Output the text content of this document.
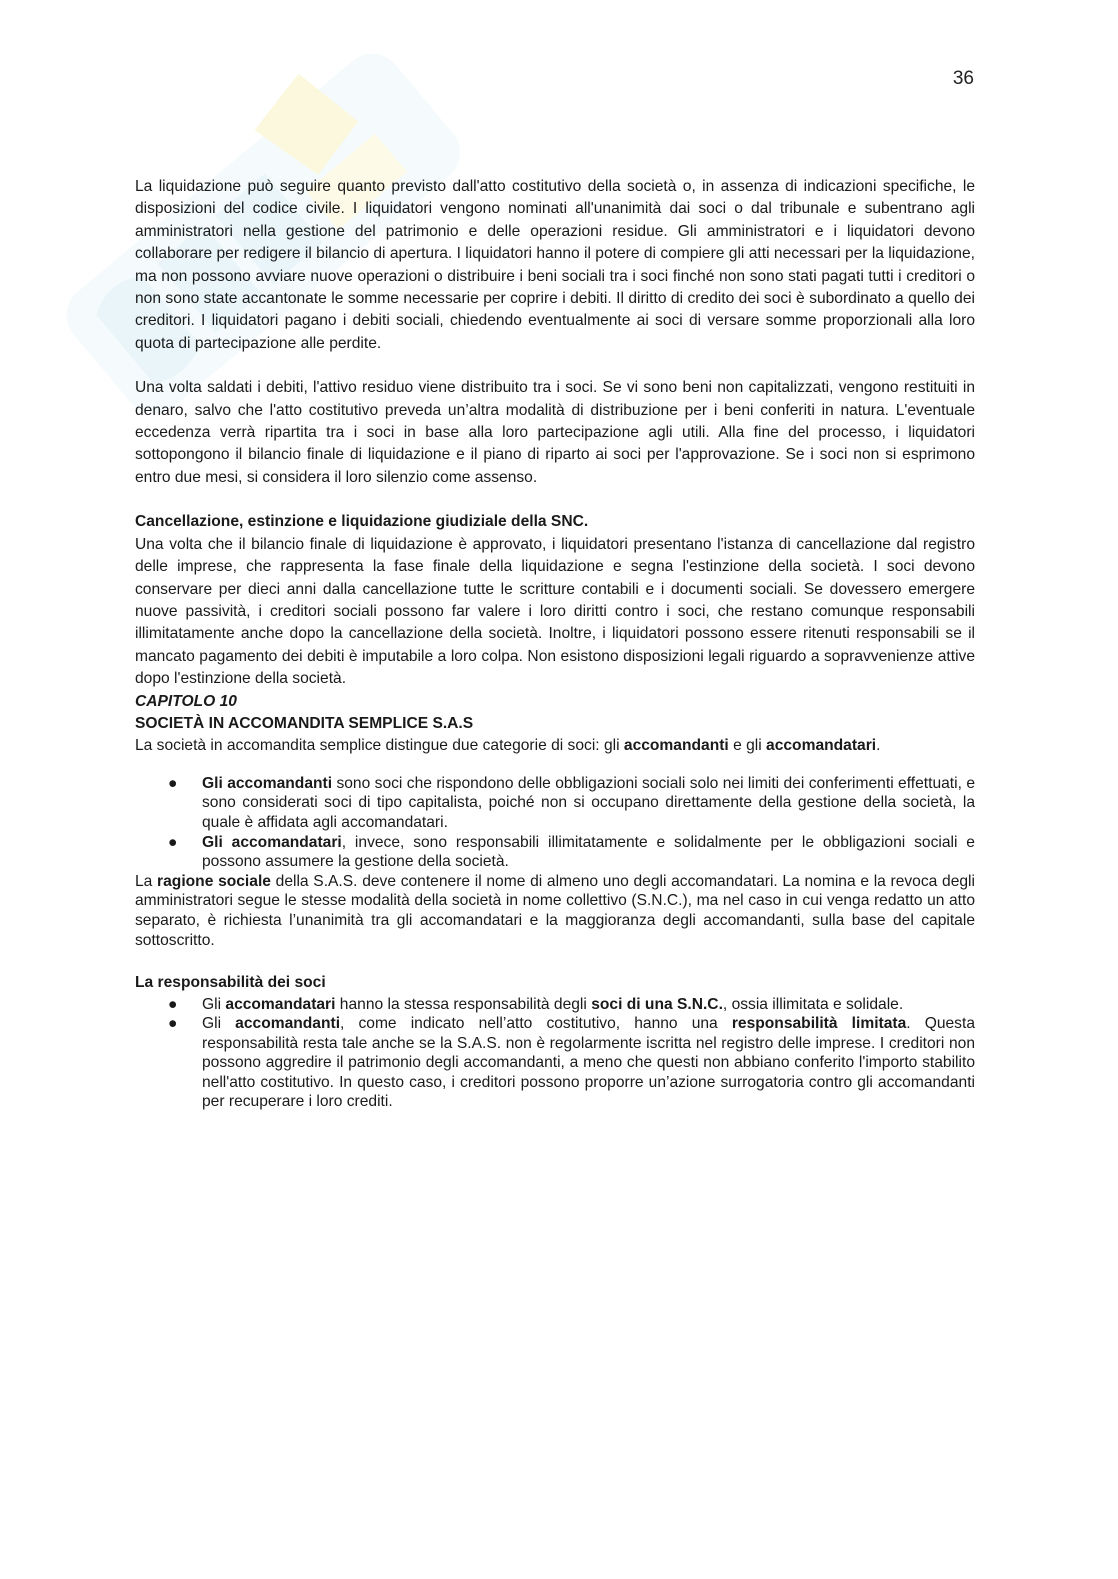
36

La liquidazione può seguire quanto previsto dall'atto costitutivo della società o, in assenza di indicazioni specifiche, le disposizioni del codice civile. I liquidatori vengono nominati all'unanimità dai soci o dal tribunale e subentrano agli amministratori nella gestione del patrimonio e delle operazioni residue. Gli amministratori e i liquidatori devono collaborare per redigere il bilancio di apertura. I liquidatori hanno il potere di compiere gli atti necessari per la liquidazione, ma non possono avviare nuove operazioni o distribuire i beni sociali tra i soci finché non sono stati pagati tutti i creditori o non sono state accantonate le somme necessarie per coprire i debiti. Il diritto di credito dei soci è subordinato a quello dei creditori. I liquidatori pagano i debiti sociali, chiedendo eventualmente ai soci di versare somme proporzionali alla loro quota di partecipazione alle perdite.

Una volta saldati i debiti, l'attivo residuo viene distribuito tra i soci. Se vi sono beni non capitalizzati, vengono restituiti in denaro, salvo che l'atto costitutivo preveda un’altra modalità di distribuzione per i beni conferiti in natura. L'eventuale eccedenza verrà ripartita tra i soci in base alla loro partecipazione agli utili. Alla fine del processo, i liquidatori sottopongono il bilancio finale di liquidazione e il piano di riparto ai soci per l'approvazione. Se i soci non si esprimono entro due mesi, si considera il loro silenzio come assenso.

Cancellazione, estinzione e liquidazione giudiziale della SNC.

Una volta che il bilancio finale di liquidazione è approvato, i liquidatori presentano l'istanza di cancellazione dal registro delle imprese, che rappresenta la fase finale della liquidazione e segna l'estinzione della società. I soci devono conservare per dieci anni dalla cancellazione tutte le scritture contabili e i documenti sociali. Se dovessero emergere nuove passività, i creditori sociali possono far valere i loro diritti contro i soci, che restano comunque responsabili illimitatamente anche dopo la cancellazione della società. Inoltre, i liquidatori possono essere ritenuti responsabili se il mancato pagamento dei debiti è imputabile a loro colpa. Non esistono disposizioni legali riguardo a sopravvenienze attive dopo l'estinzione della società.

CAPITOLO 10

SOCIETÀ IN ACCOMANDITA SEMPLICE S.A.S

La società in accomandita semplice distingue due categorie di soci: gli accomandanti e gli accomandatari.

● Gli accomandanti sono soci che rispondono delle obbligazioni sociali solo nei limiti dei conferimenti effettuati, e sono considerati soci di tipo capitalista, poiché non si occupano direttamente della gestione della società, la quale è affidata agli accomandatari.
● Gli accomandatari, invece, sono responsabili illimitatamente e solidalmente per le obbligazioni sociali e possono assumere la gestione della società.

La ragione sociale della S.A.S. deve contenere il nome di almeno uno degli accomandatari. La nomina e la revoca degli amministratori segue le stesse modalità della società in nome collettivo (S.N.C.), ma nel caso in cui venga redatto un atto separato, è richiesta l’unanimità tra gli accomandatari e la maggioranza degli accomandanti, sulla base del capitale sottoscritto.

La responsabilità dei soci

● Gli accomandatari hanno la stessa responsabilità degli soci di una S.N.C., ossia illimitata e solidale.
● Gli accomandanti, come indicato nell’atto costitutivo, hanno una responsabilità limitata. Questa responsabilità resta tale anche se la S.A.S. non è regolarmente iscritta nel registro delle imprese. I creditori non possono aggredire il patrimonio degli accomandanti, a meno che questi non abbiano conferito l'importo stabilito nell'atto costitutivo. In questo caso, i creditori possono proporre un’azione surrogatoria contro gli accomandanti per recuperare i loro crediti.
